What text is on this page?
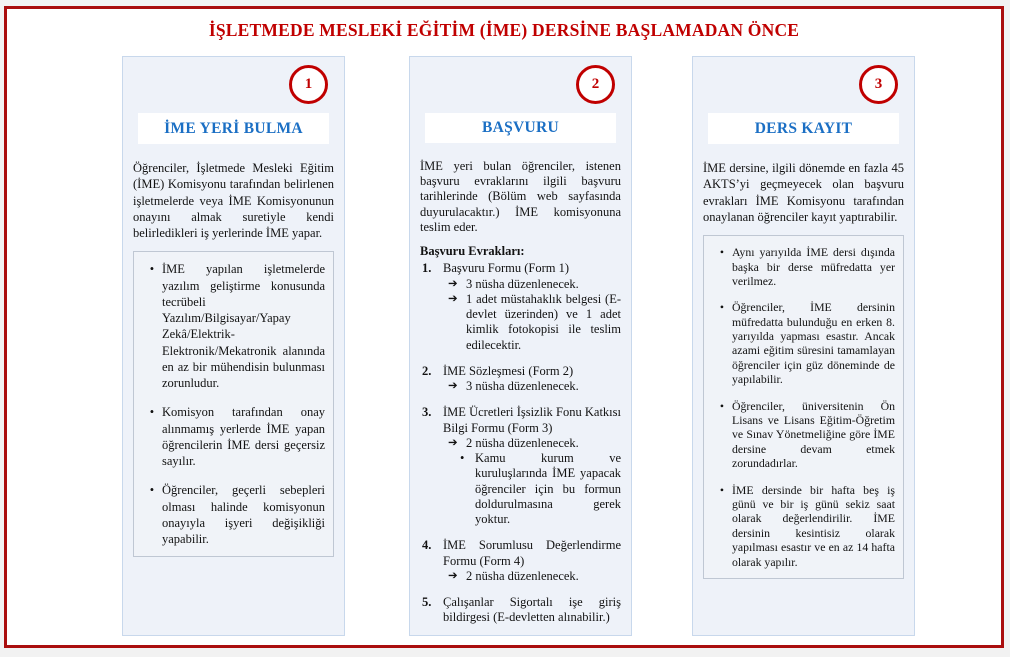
İŞLETMEDE MESLEKİ EĞİTİM (İME) DERSİNE BAŞLAMADAN ÖNCE
1
İME YERİ BULMA
Öğrenciler, İşletmede Mesleki Eğitim (İME) Komisyonu tarafından belirlenen işletmelerde veya İME Komisyonunun onayını almak suretiyle kendi belirledikleri iş yerlerinde İME yapar.
• İME yapılan işletmelerde yazılım geliştirme konusunda tecrübeli Yazılım/Bilgisayar/Yapay Zekâ/Elektrik-Elektronik/Mekatronik alanında en az bir mühendisin bulunması zorunludur.
• Komisyon tarafından onay alınmamış yerlerde İME yapan öğrencilerin İME dersi geçersiz sayılır.
• Öğrenciler, geçerli sebepleri olması halinde komisyonun onayıyla işyeri değişikliği yapabilir.
2
BAŞVURU
İME yeri bulan öğrenciler, istenen başvuru evraklarını ilgili başvuru tarihlerinde (Bölüm web sayfasında duyurulacaktır.) İME komisyonuna teslim eder.
Başvuru Evrakları:
1. Başvuru Formu (Form 1)
➔ 3 nüsha düzenlenecek.
➔ 1 adet müstahaklık belgesi (E-devlet üzerinden) ve 1 adet kimlik fotokopisi ile teslim edilecektir.
2. İME Sözleşmesi (Form 2)
➔ 3 nüsha düzenlenecek.
3. İME Ücretleri İşsizlik Fonu Katkısı Bilgi Formu (Form 3)
➔ 2 nüsha düzenlenecek.
• Kamu kurum ve kuruluşlarında İME yapacak öğrenciler için bu formun doldurulmasına gerek yoktur.
4. İME Sorumlusu Değerlendirme Formu (Form 4)
➔ 2 nüsha düzenlenecek.
5. Çalışanlar Sigortalı işe giriş bildirgesi (E-devletten alınabilir.)
3
DERS KAYIT
İME dersine, ilgili dönemde en fazla 45 AKTS’yi geçmeyecek olan başvuru evrakları İME Komisyonu tarafından onaylanan öğrenciler kayıt yaptırabilir.
• Aynı yarıyılda İME dersi dışında başka bir derse müfredatta yer verilmez.
• Öğrenciler, İME dersinin müfredatta bulunduğu en erken 8. yarıyılda yapması esastır. Ancak azami eğitim süresini tamamlayan öğrenciler için güz döneminde de yapılabilir.
• Öğrenciler, üniversitenin Ön Lisans ve Lisans Eğitim-Öğretim ve Sınav Yönetmeliğine göre İME dersine devam etmek zorundadırlar.
• İME dersinde bir hafta beş iş günü ve bir iş günü sekiz saat olarak değerlendirilir. İME dersinin kesintisiz olarak yapılması esastır ve en az 14 hafta olarak yapılır.
